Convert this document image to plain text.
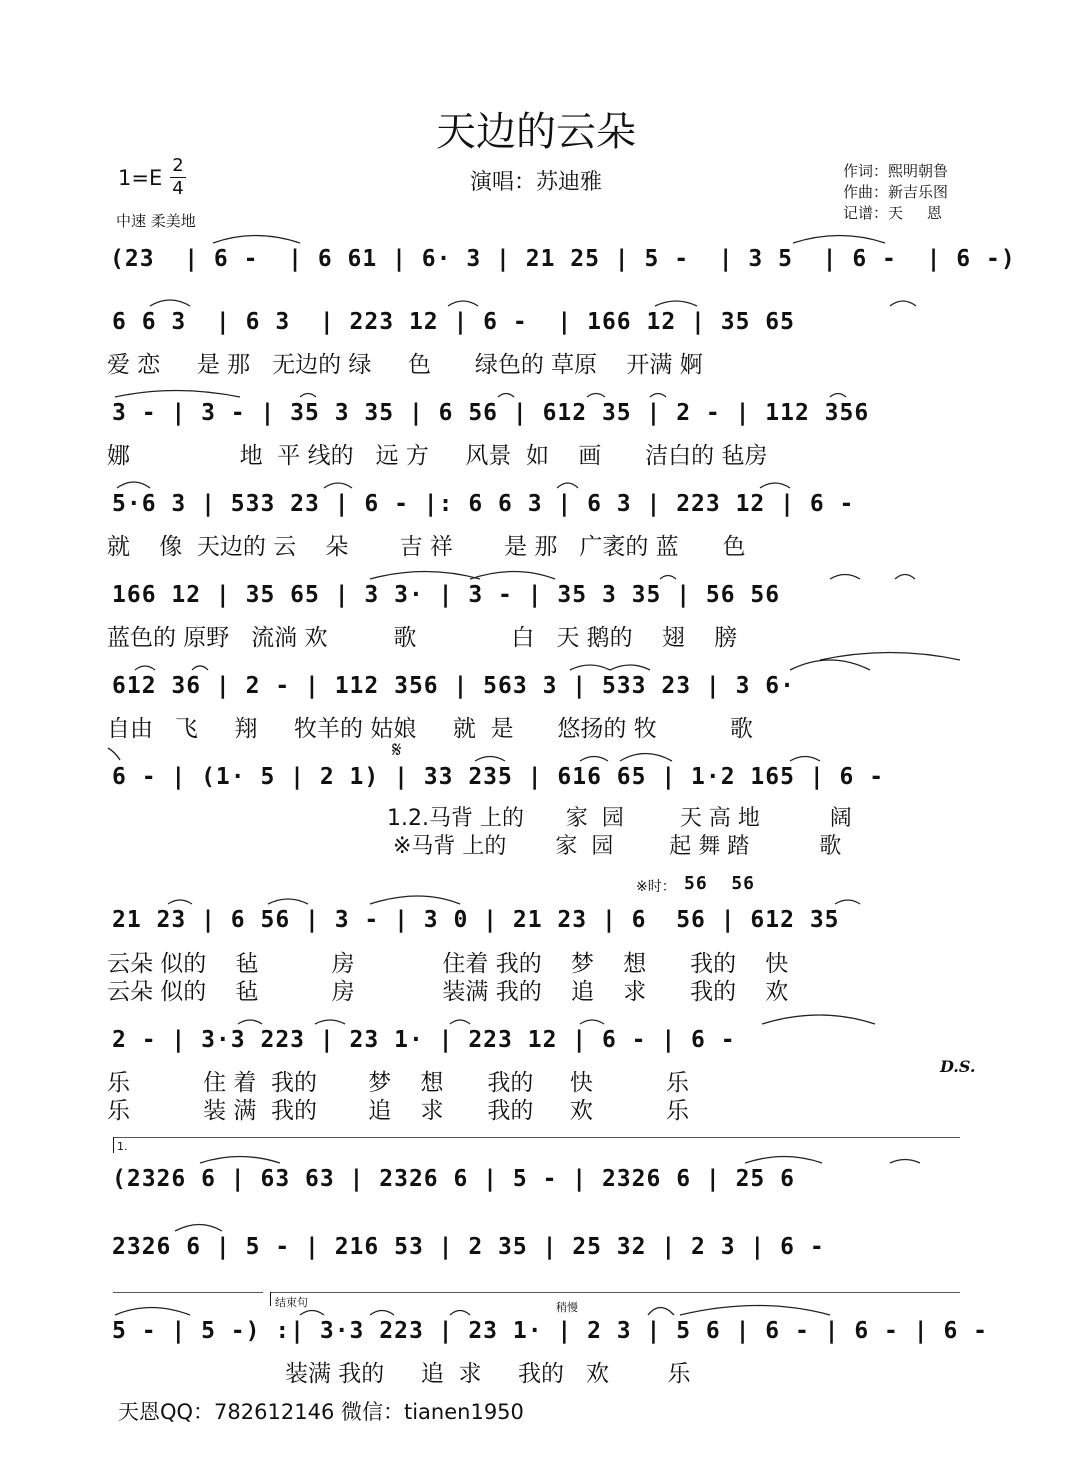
天边的云朵
演唱：苏迪雅
1=E
2
4
中速 柔美地
作词：熙明朝鲁
作曲：新吉乐图
记谱：天     恩
(23  | 6 -  | 6 61 | 6· 3 | 21 25 | 5 -  | 3 5  | 6 -  | 6 -)
6 6 3  | 6 3  | 223 12 | 6 -  | 166 12 | 35 65
爱 恋     是 那   无边的 绿     色      绿色的 草原    开满 婀
3 - | 3 - | 35 3 35 | 6 56 | 612 35 | 2 - | 112 356
娜               地  平 线的   远 方     风景  如    画      洁白的 毡房
5·6 3 | 533 23 | 6 - |: 6 6 3 | 6 3 | 223 12 | 6 -
就    像  天边的 云    朵       吉 祥       是 那   广袤的 蓝      色
166 12 | 35 65 | 3 3· | 3 - | 35 3 35 | 56 56
蓝色的 原野   流淌 欢         歌             白   天 鹅的    翅    膀
612 36 | 2 - | 112 356 | 563 3 | 533 23 | 3 6·
自由   飞     翔     牧羊的 姑娘     就  是      悠扬的 牧          歌
𝄋
6 - | (1· 5 | 2 1) | 33 235 | 616 65 | 1·2 165 | 6 -
1.2.马背 上的      家  园        天 高 地          阔
※马背 上的       家  园        起 舞 踏          歌
※时： 56  56
21 23 | 6 56 | 3 - | 3 0 | 21 23 | 6  56 | 612 35
云朵 似的    毡          房            住着 我的    梦    想      我的    快
云朵 似的    毡          房            装满 我的    追    求      我的    欢
2 - | 3·3 223 | 23 1· | 223 12 | 6 - | 6 -
乐          住 着  我的       梦    想      我的     快          乐
乐          装 满  我的       追    求      我的     欢          乐
D.S.
1.
(2326 6 | 63 63 | 2326 6 | 5 - | 2326 6 | 25 6
2326 6 | 5 - | 216 53 | 2 35 | 25 32 | 2 3 | 6 -
结束句	稍慢
5 - | 5 -) :| 3·3 223 | 23 1· | 2 3 | 5 6 | 6 - | 6 - | 6 -
装满 我的     追  求     我的   欢        乐
天恩QQ：782612146 微信：tianen1950
